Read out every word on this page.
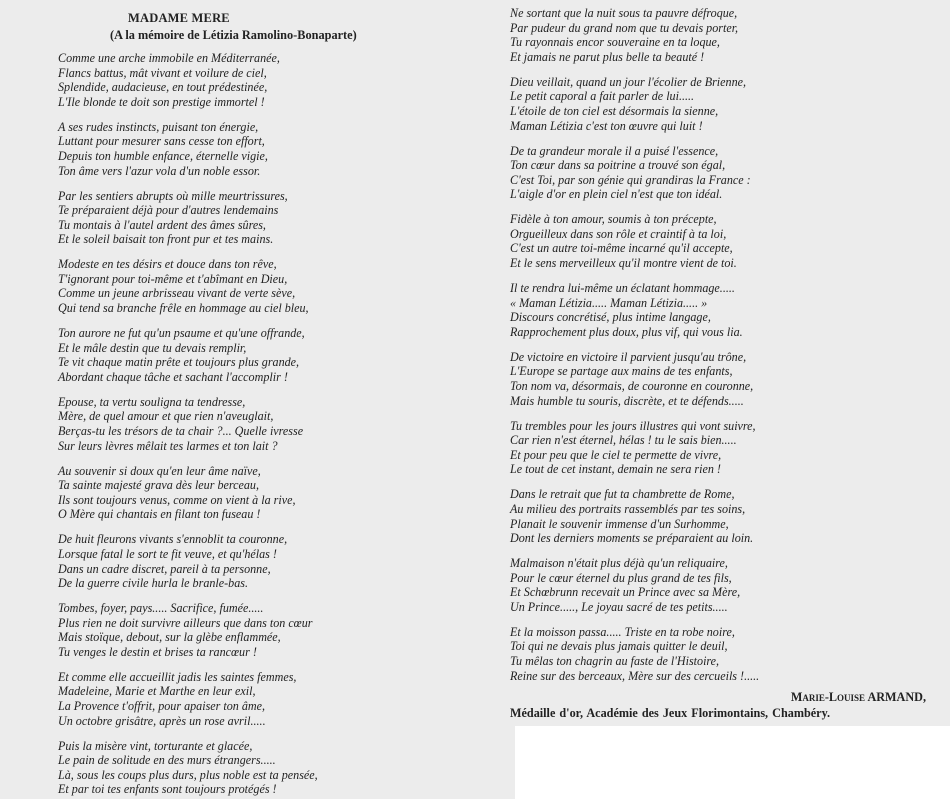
MADAME MERE
(A la mémoire de Létizia Ramolino-Bonaparte)
Comme une arche immobile en Méditerranée,
Flancs battus, mât vivant et voilure de ciel,
Splendide, audacieuse, en tout prédestinée,
L'Ile blonde te doit son prestige immortel !
A ses rudes instincts, puisant ton énergie,
Luttant pour mesurer sans cesse ton effort,
Depuis ton humble enfance, éternelle vigie,
Ton âme vers l'azur vola d'un noble essor.
Par les sentiers abrupts où mille meurtrissures,
Te préparaient déjà pour d'autres lendemains
Tu montais à l'autel ardent des âmes sûres,
Et le soleil baisait ton front pur et tes mains.
Modeste en tes désirs et douce dans ton rêve,
T'ignorant pour toi-même et t'abîmant en Dieu,
Comme un jeune arbrisseau vivant de verte sève,
Qui tend sa branche frêle en hommage au ciel bleu,
Ton aurore ne fut qu'un psaume et qu'une offrande,
Et le mâle destin que tu devais remplir,
Te vit chaque matin prête et toujours plus grande,
Abordant chaque tâche et sachant l'accomplir !
Epouse, ta vertu souligna ta tendresse,
Mère, de quel amour et que rien n'aveuglait,
Berças-tu les trésors de ta chair ?... Quelle ivresse
Sur leurs lèvres mêlait tes larmes et ton lait ?
Au souvenir si doux qu'en leur âme naïve,
Ta sainte majesté grava dès leur berceau,
Ils sont toujours venus, comme on vient à la rive,
O Mère qui chantais en filant ton fuseau !
De huit fleurons vivants s'ennoblit ta couronne,
Lorsque fatal le sort te fit veuve, et qu'hélas !
Dans un cadre discret, pareil à ta personne,
De la guerre civile hurla le branle-bas.
Tombes, foyer, pays..... Sacrifice, fumée.....
Plus rien ne doit survivre ailleurs que dans ton cœur
Mais stoïque, debout, sur la glèbe enflammée,
Tu venges le destin et brises ta rancœur !
Et comme elle accueillit jadis les saintes femmes,
Madeleine, Marie et Marthe en leur exil,
La Provence t'offrit, pour apaiser ton âme,
Un octobre grisâtre, après un rose avril.....
Puis la misère vint, torturante et glacée,
Le pain de solitude en des murs étrangers.....
Là, sous les coups plus durs, plus noble est ta pensée,
Et par toi tes enfants sont toujours protégés !
Ne sortant que la nuit sous ta pauvre défroque,
Par pudeur du grand nom que tu devais porter,
Tu rayonnais encor souveraine en ta loque,
Et jamais ne parut plus belle ta beauté !
Dieu veillait, quand un jour l'écolier de Brienne,
Le petit caporal a fait parler de lui.....
L'étoile de ton ciel est désormais la sienne,
Maman Létizia c'est ton œuvre qui luit !
De ta grandeur morale il a puisé l'essence,
Ton cœur dans sa poitrine a trouvé son égal,
C'est Toi, par son génie qui grandiras la France :
L'aigle d'or en plein ciel n'est que ton idéal.
Fidèle à ton amour, soumis à ton précepte,
Orgueilleux dans son rôle et craintif à ta loi,
C'est un autre toi-même incarné qu'il accepte,
Et le sens merveilleux qu'il montre vient de toi.
Il te rendra lui-même un éclatant hommage.....
« Maman Létizia..... Maman Létizia..... »
Discours concrétisé, plus intime langage,
Rapprochement plus doux, plus vif, qui vous lia.
De victoire en victoire il parvient jusqu'au trône,
L'Europe se partage aux mains de tes enfants,
Ton nom va, désormais, de couronne en couronne,
Mais humble tu souris, discrète, et te défends.....
Tu trembles pour les jours illustres qui vont suivre,
Car rien n'est éternel, hélas ! tu le sais bien.....
Et pour peu que le ciel te permette de vivre,
Le tout de cet instant, demain ne sera rien !
Dans le retrait que fut ta chambrette de Rome,
Au milieu des portraits rassemblés par tes soins,
Planait le souvenir immense d'un Surhomme,
Dont les derniers moments se préparaient au loin.
Malmaison n'était plus déjà qu'un reliquaire,
Pour le cœur éternel du plus grand de tes fils,
Et Schœbrunn recevait un Prince avec sa Mère,
Un Prince....., Le joyau sacré de tes petits.....
Et la moisson passa..... Triste en ta robe noire,
Toi qui ne devais plus jamais quitter le deuil,
Tu mêlas ton chagrin au faste de l'Histoire,
Reine sur des berceaux, Mère sur des cercueils !.....
Marie-Louise ARMAND,
Médaille d'or, Académie des Jeux Florimontains, Chambéry.
